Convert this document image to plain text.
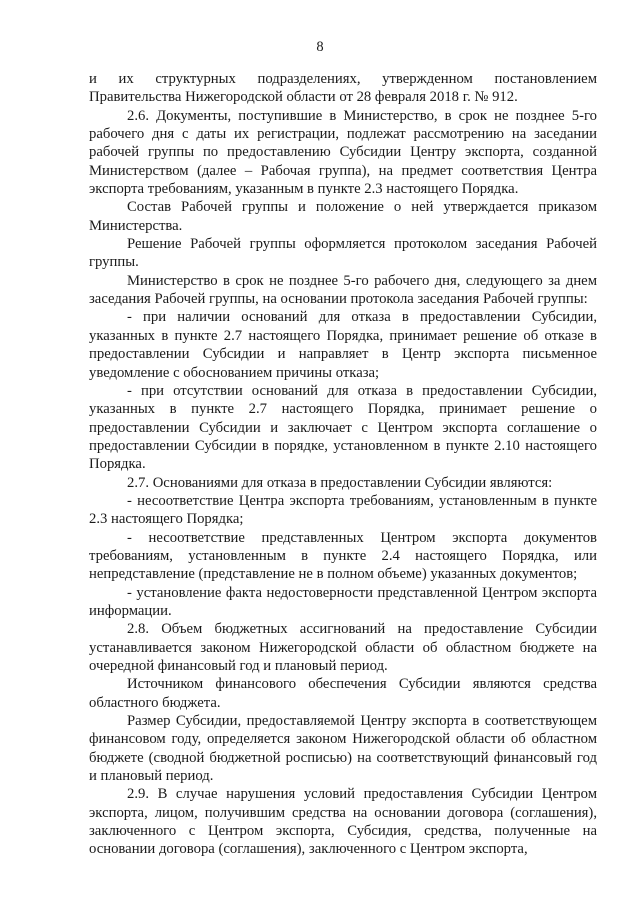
8

и их структурных подразделениях, утвержденном постановлением Правительства Нижегородской области от 28 февраля 2018 г. № 912.

2.6. Документы, поступившие в Министерство, в срок не позднее 5-го рабочего дня с даты их регистрации, подлежат рассмотрению на заседании рабочей группы по предоставлению Субсидии Центру экспорта, созданной Министерством (далее – Рабочая группа), на предмет соответствия Центра экспорта требованиям, указанным в пункте 2.3 настоящего Порядка.

Состав Рабочей группы и положение о ней утверждается приказом Министерства.

Решение Рабочей группы оформляется протоколом заседания Рабочей группы.

Министерство в срок не позднее 5-го рабочего дня, следующего за днем заседания Рабочей группы, на основании протокола заседания Рабочей группы:

- при наличии оснований для отказа в предоставлении Субсидии, указанных в пункте 2.7 настоящего Порядка, принимает решение об отказе в предоставлении Субсидии и направляет в Центр экспорта письменное уведомление с обоснованием причины отказа;

- при отсутствии оснований для отказа в предоставлении Субсидии, указанных в пункте 2.7 настоящего Порядка, принимает решение о предоставлении Субсидии и заключает с Центром экспорта соглашение о предоставлении Субсидии в порядке, установленном в пункте 2.10 настоящего Порядка.

2.7. Основаниями для отказа в предоставлении Субсидии являются:

- несоответствие Центра экспорта требованиям, установленным в пункте 2.3 настоящего Порядка;

- несоответствие представленных Центром экспорта документов требованиям, установленным в пункте 2.4 настоящего Порядка, или непредставление (представление не в полном объеме) указанных документов;

- установление факта недостоверности представленной Центром экспорта информации.

2.8. Объем бюджетных ассигнований на предоставление Субсидии устанавливается законом Нижегородской области об областном бюджете на очередной финансовый год и плановый период.

Источником финансового обеспечения Субсидии являются средства областного бюджета.

Размер Субсидии, предоставляемой Центру экспорта в соответствующем финансовом году, определяется законом Нижегородской области об областном бюджете (сводной бюджетной росписью) на соответствующий финансовый год и плановый период.

2.9. В случае нарушения условий предоставления Субсидии Центром экспорта, лицом, получившим средства на основании договора (соглашения), заключенного с Центром экспорта, Субсидия, средства, полученные на основании договора (соглашения), заключенного с Центром экспорта,
